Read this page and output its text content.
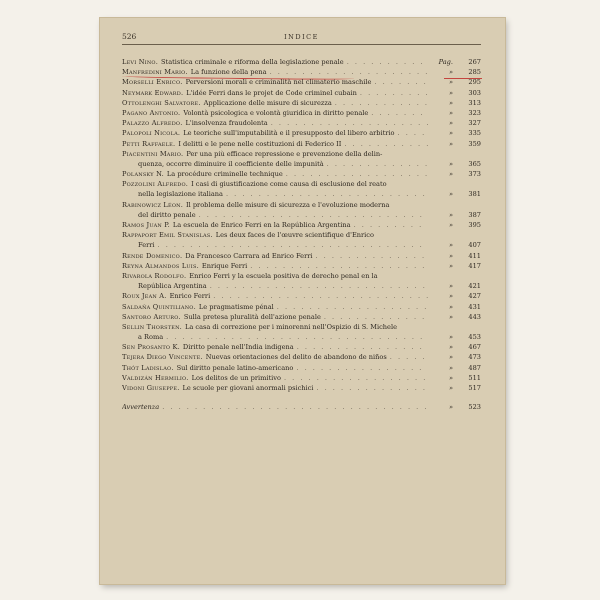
526	INDICE
Levi Nino. Statistica criminale e riforma della legislazione penale . . .	Pag.	267
Manfredini Mario. La funzione della pena . . .	»	285
Morselli Enrico. Perversioni morali e criminalità nel climaterio maschile . . .	»	295
Neymark Edward. L'idée Ferri dans le projet de Code criminel cubain . . .	»	303
Ottolenghi Salvatore. Applicazione delle misure di sicurezza . . .	»	313
Pagano Antonio. Volontà psicologica e volontà giuridica in diritto penale . . .	»	323
Palazzo Alfredo. L'insolvenza fraudolenta . . .	»	327
Palopoli Nicola. Le teoriche sull'imputabilità e il presupposto del libero arbitrio . . .	»	335
Petti Raffaele. I delitti e le pene nelle costituzioni di Federico II . . .	»	359
Piacentini Mario. Per una più efficace repressione e prevenzione della delin-
quenza, occorre diminuire il coefficiente delle impunità . . .	»	365
Polansky N. La procédure criminelle technique . . .	»	373
Pozzolini Alfredo. I casi di giustificazione come causa di esclusione del reato
nella legislazione italiana . . .	»	381
Rabinowicz Léon. Il problema delle misure di sicurezza e l'evoluzione moderna
del diritto penale . . .	»	387
Ramos Juan P. La escuela de Enrico Ferri en la República Argentina . . .	»	395
Rappaport Emil Stanislas. Les deux faces de l'œuvre scientifique d'Enrico
Ferri . . .	»	407
Rende Domenico. Da Francesco Carrara ad Enrico Ferri . . .	»	411
Reyna Almandos Luis. Enrique Ferri . . .	»	417
Rivarola Rodolfo. Enrico Ferri y la escuela positiva de derecho penal en la
República Argentina . . .	»	421
Roux Jean A. Enrico Ferri . . .	»	427
Saldaña Quintiliano. Le pragmatisme pénal . . .	»	431
Santoro Arturo. Sulla pretesa pluralità dell'azione penale . . .	»	443
Sellin Thorsten. La casa di correzione per i minorenni nell'Ospizio di S. Michele
a Roma . . .	»	453
Sen Prosanto K. Diritto penale nell'India indigena . . .	»	467
Tejera Diego Vincente. Nuevas orientaciones del delito de abandono de niños . . .	»	473
Thót Ladislao. Sul diritto penale latino-americano . . .	»	487
Valdizán Hermilio. Los delitos de un primitivo . . .	»	511
Vidoni Giuseppe. Le scuole per giovani anormali psichici . . .	»	517
Avvertenza . . .	»	523
